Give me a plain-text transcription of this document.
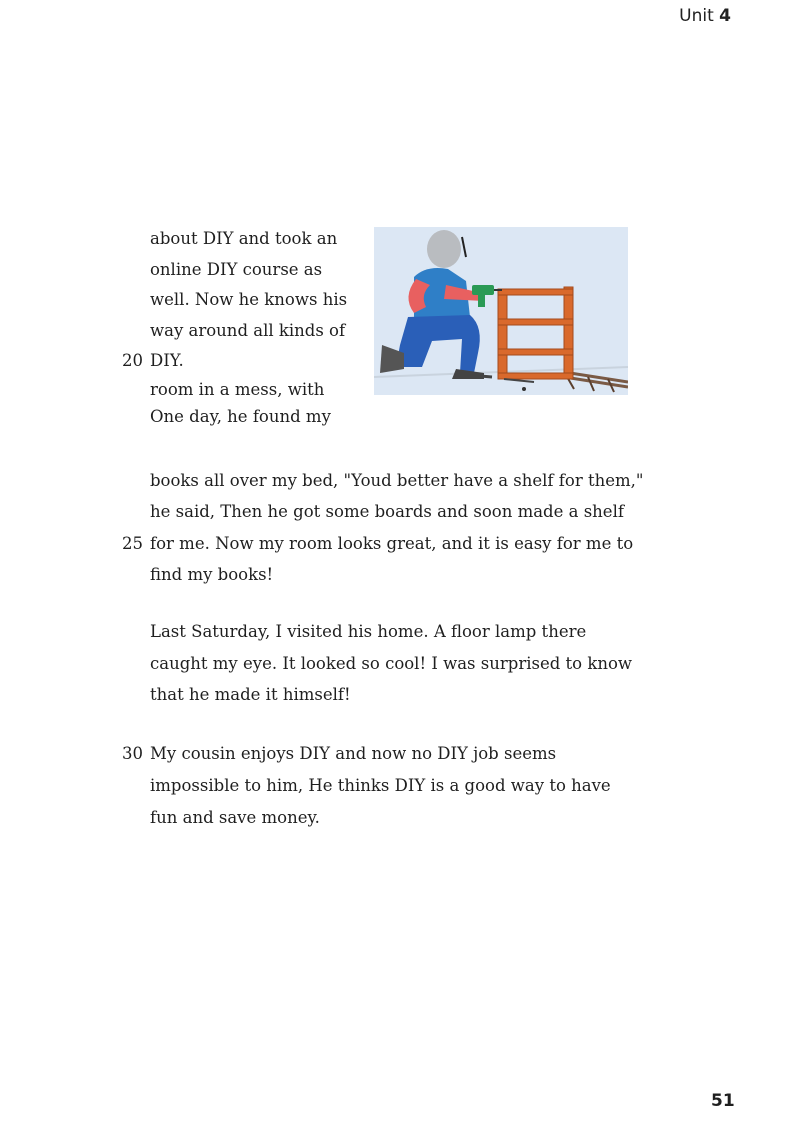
Unit 4
about DIY and took an
online DIY course as
well. Now he knows his
way around all kinds of
20 DIY.
room in a mess, with
One day, he found my
books all over my bed, "Youd better have a shelf for them,"
he said, Then he got some boards and soon made a shelf
25 for me. Now my room looks great, and it is easy for me to
find my books!
Last Saturday, I visited his home. A floor lamp there
caught my eye. It looked so cool! I was surprised to know
that he made it himself!
30 My cousin enjoys DIY and now no DIY job seems
impossible to him, He thinks DIY is a good way to have
fun and save money.
51
